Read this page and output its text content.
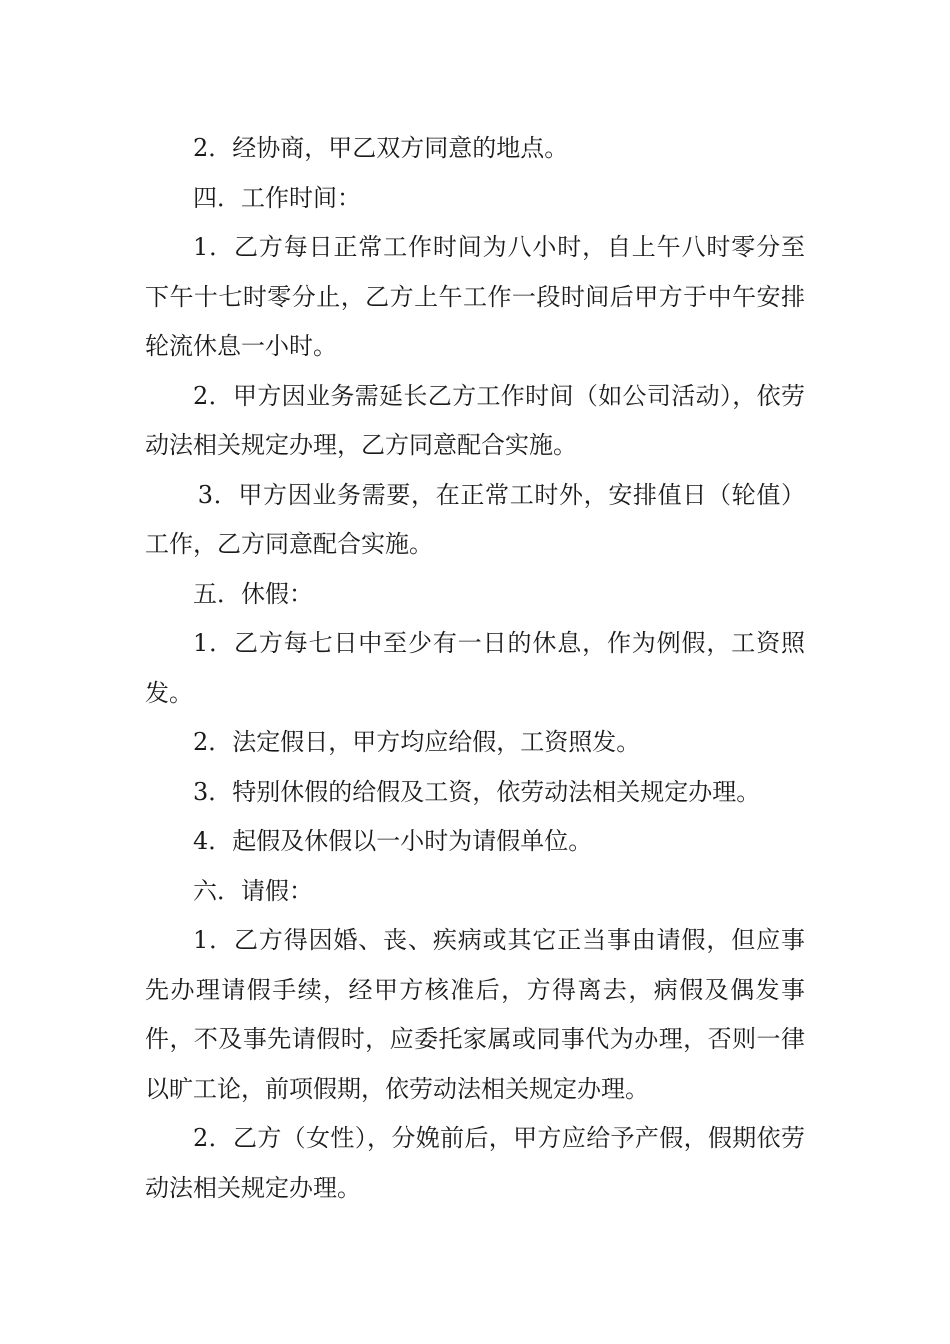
2．经协商，甲乙双方同意的地点。

四．工作时间：

1．乙方每日正常工作时间为八小时，自上午八时零分至下午十七时零分止，乙方上午工作一段时间后甲方于中午安排轮流休息一小时。

2．甲方因业务需延长乙方工作时间（如公司活动），依劳动法相关规定办理，乙方同意配合实施。

3．甲方因业务需要，在正常工时外，安排值日（轮值）工作，乙方同意配合实施。

五．休假：

1．乙方每七日中至少有一日的休息，作为例假，工资照发。

2．法定假日，甲方均应给假，工资照发。

3．特别休假的给假及工资，依劳动法相关规定办理。

4．起假及休假以一小时为请假单位。

六．请假：

1．乙方得因婚、丧、疾病或其它正当事由请假，但应事先办理请假手续，经甲方核准后，方得离去，病假及偶发事件，不及事先请假时，应委托家属或同事代为办理，否则一律以旷工论，前项假期，依劳动法相关规定办理。

2．乙方（女性），分娩前后，甲方应给予产假，假期依劳动法相关规定办理。
